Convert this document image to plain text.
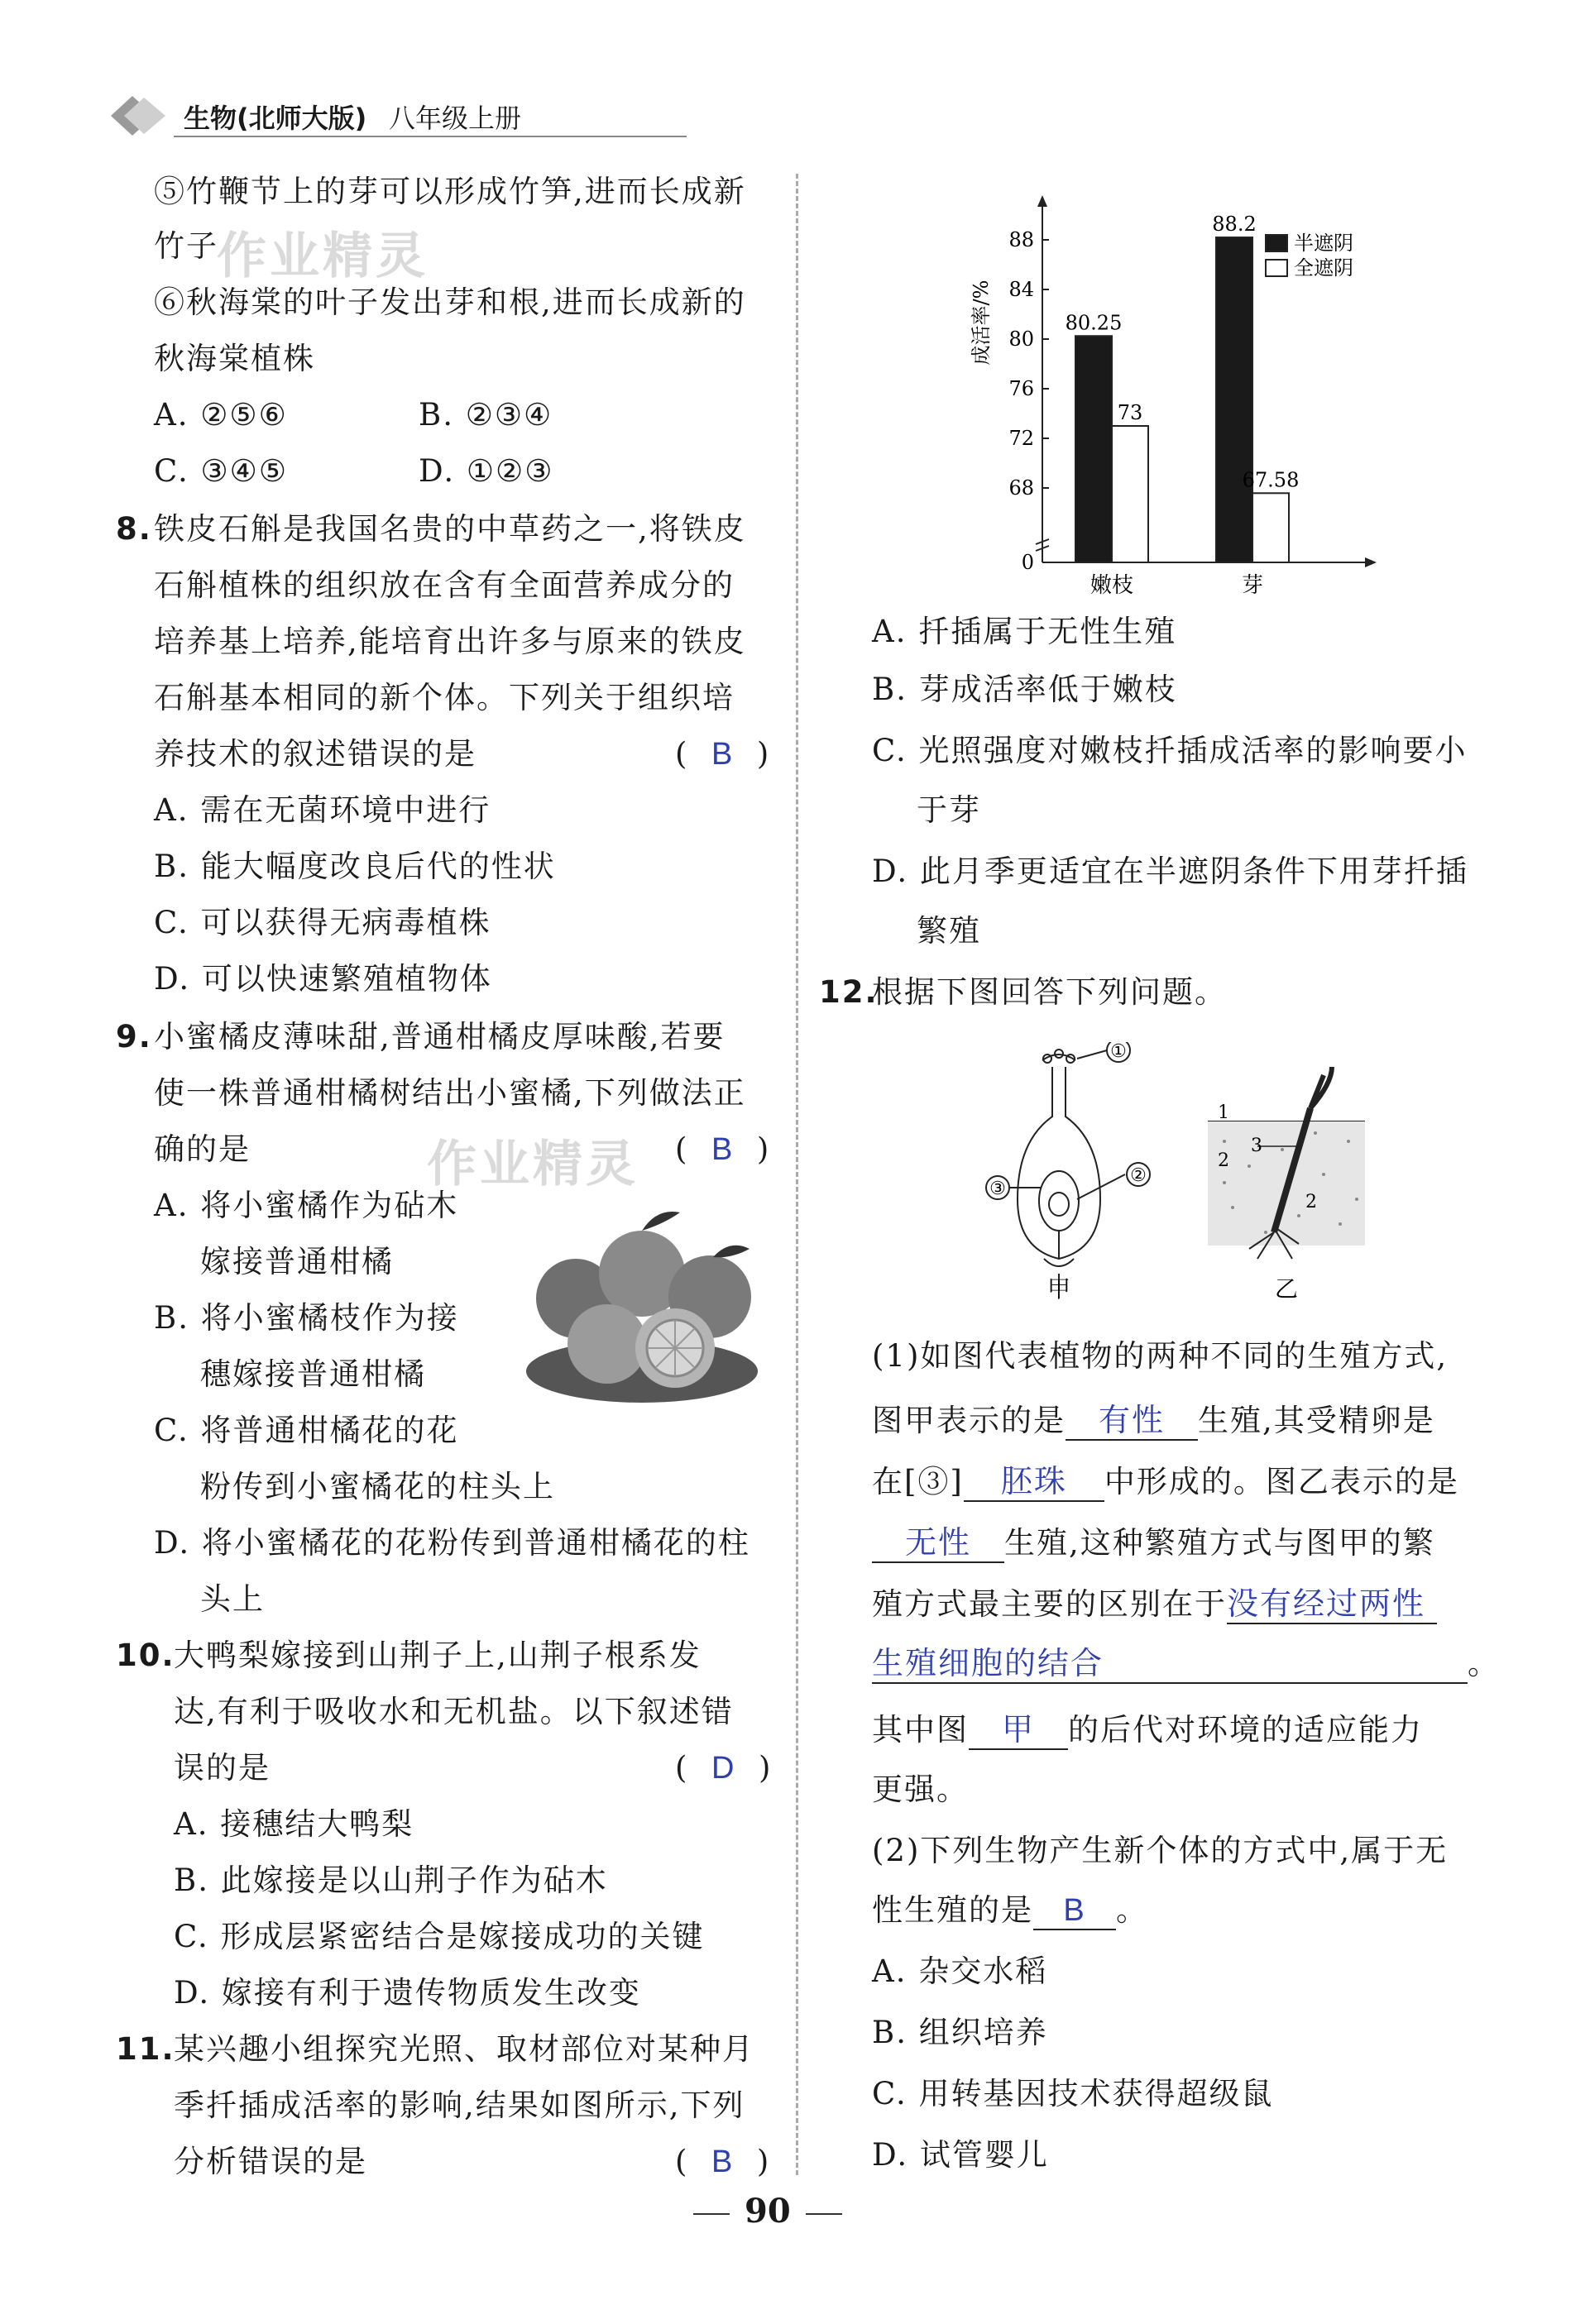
生物(北师大版) 八年级上册
作业精灵
作业精灵
⑤竹鞭节上的芽可以形成竹笋,进而长成新
竹子
⑥秋海棠的叶子发出芽和根,进而长成新的
秋海棠植株
A. ②⑤⑥	B. ②③④
C. ③④⑤	D. ①②③
8. 铁皮石斛是我国名贵的中草药之一,将铁皮
石斛植株的组织放在含有全面营养成分的
培养基上培养,能培育出许多与原来的铁皮
石斛基本相同的新个体。下列关于组织培
养技术的叙述错误的是	(  B  )
A. 需在无菌环境中进行
B. 能大幅度改良后代的性状
C. 可以获得无病毒植株
D. 可以快速繁殖植物体
9. 小蜜橘皮薄味甜,普通柑橘皮厚味酸,若要
使一株普通柑橘树结出小蜜橘,下列做法正
确的是	(  B  )
A. 将小蜜橘作为砧木
嫁接普通柑橘
B. 将小蜜橘枝作为接
穗嫁接普通柑橘
C. 将普通柑橘花的花
粉传到小蜜橘花的柱头上
D. 将小蜜橘花的花粉传到普通柑橘花的柱
头上
10.
大鸭梨嫁接到山荆子上,山荆子根系发
达,有利于吸收水和无机盐。以下叙述错
误的是	(  D  )
A. 接穗结大鸭梨
B. 此嫁接是以山荆子作为砧木
C. 形成层紧密结合是嫁接成功的关键
D. 嫁接有利于遗传物质发生改变
11.
某兴趣小组探究光照、取材部位对某种月
季扦插成活率的影响,结果如图所示,下列
分析错误的是	(  B  )
成活率/%
0
68
72
76
80
84
88
80.25
73
嫩枝
88.2
67.58
芽
半遮阴
全遮阴
A. 扦插属于无性生殖
B. 芽成活率低于嫩枝
C. 光照强度对嫩枝扦插成活率的影响要小
于芽
D. 此月季更适宜在半遮阴条件下用芽扦插
繁殖
12.
根据下图回答下列问题。
①
②
③
1
2
3
2
甲	乙
(1)如图代表植物的两种不同的生殖方式,
图甲表示的是 有性 生殖,其受精卵是
在[③] 胚珠 中形成的。图乙表示的是
无性 生殖,这种繁殖方式与图甲的繁
殖方式最主要的区别在于没有经过两性
生殖细胞的结合	。
其中图 甲 的后代对环境的适应能力
更强。
(2)下列生物产生新个体的方式中,属于无
性生殖的是 B 。
A. 杂交水稻
B. 组织培养
C. 用转基因技术获得超级鼠
D. 试管婴儿
90
